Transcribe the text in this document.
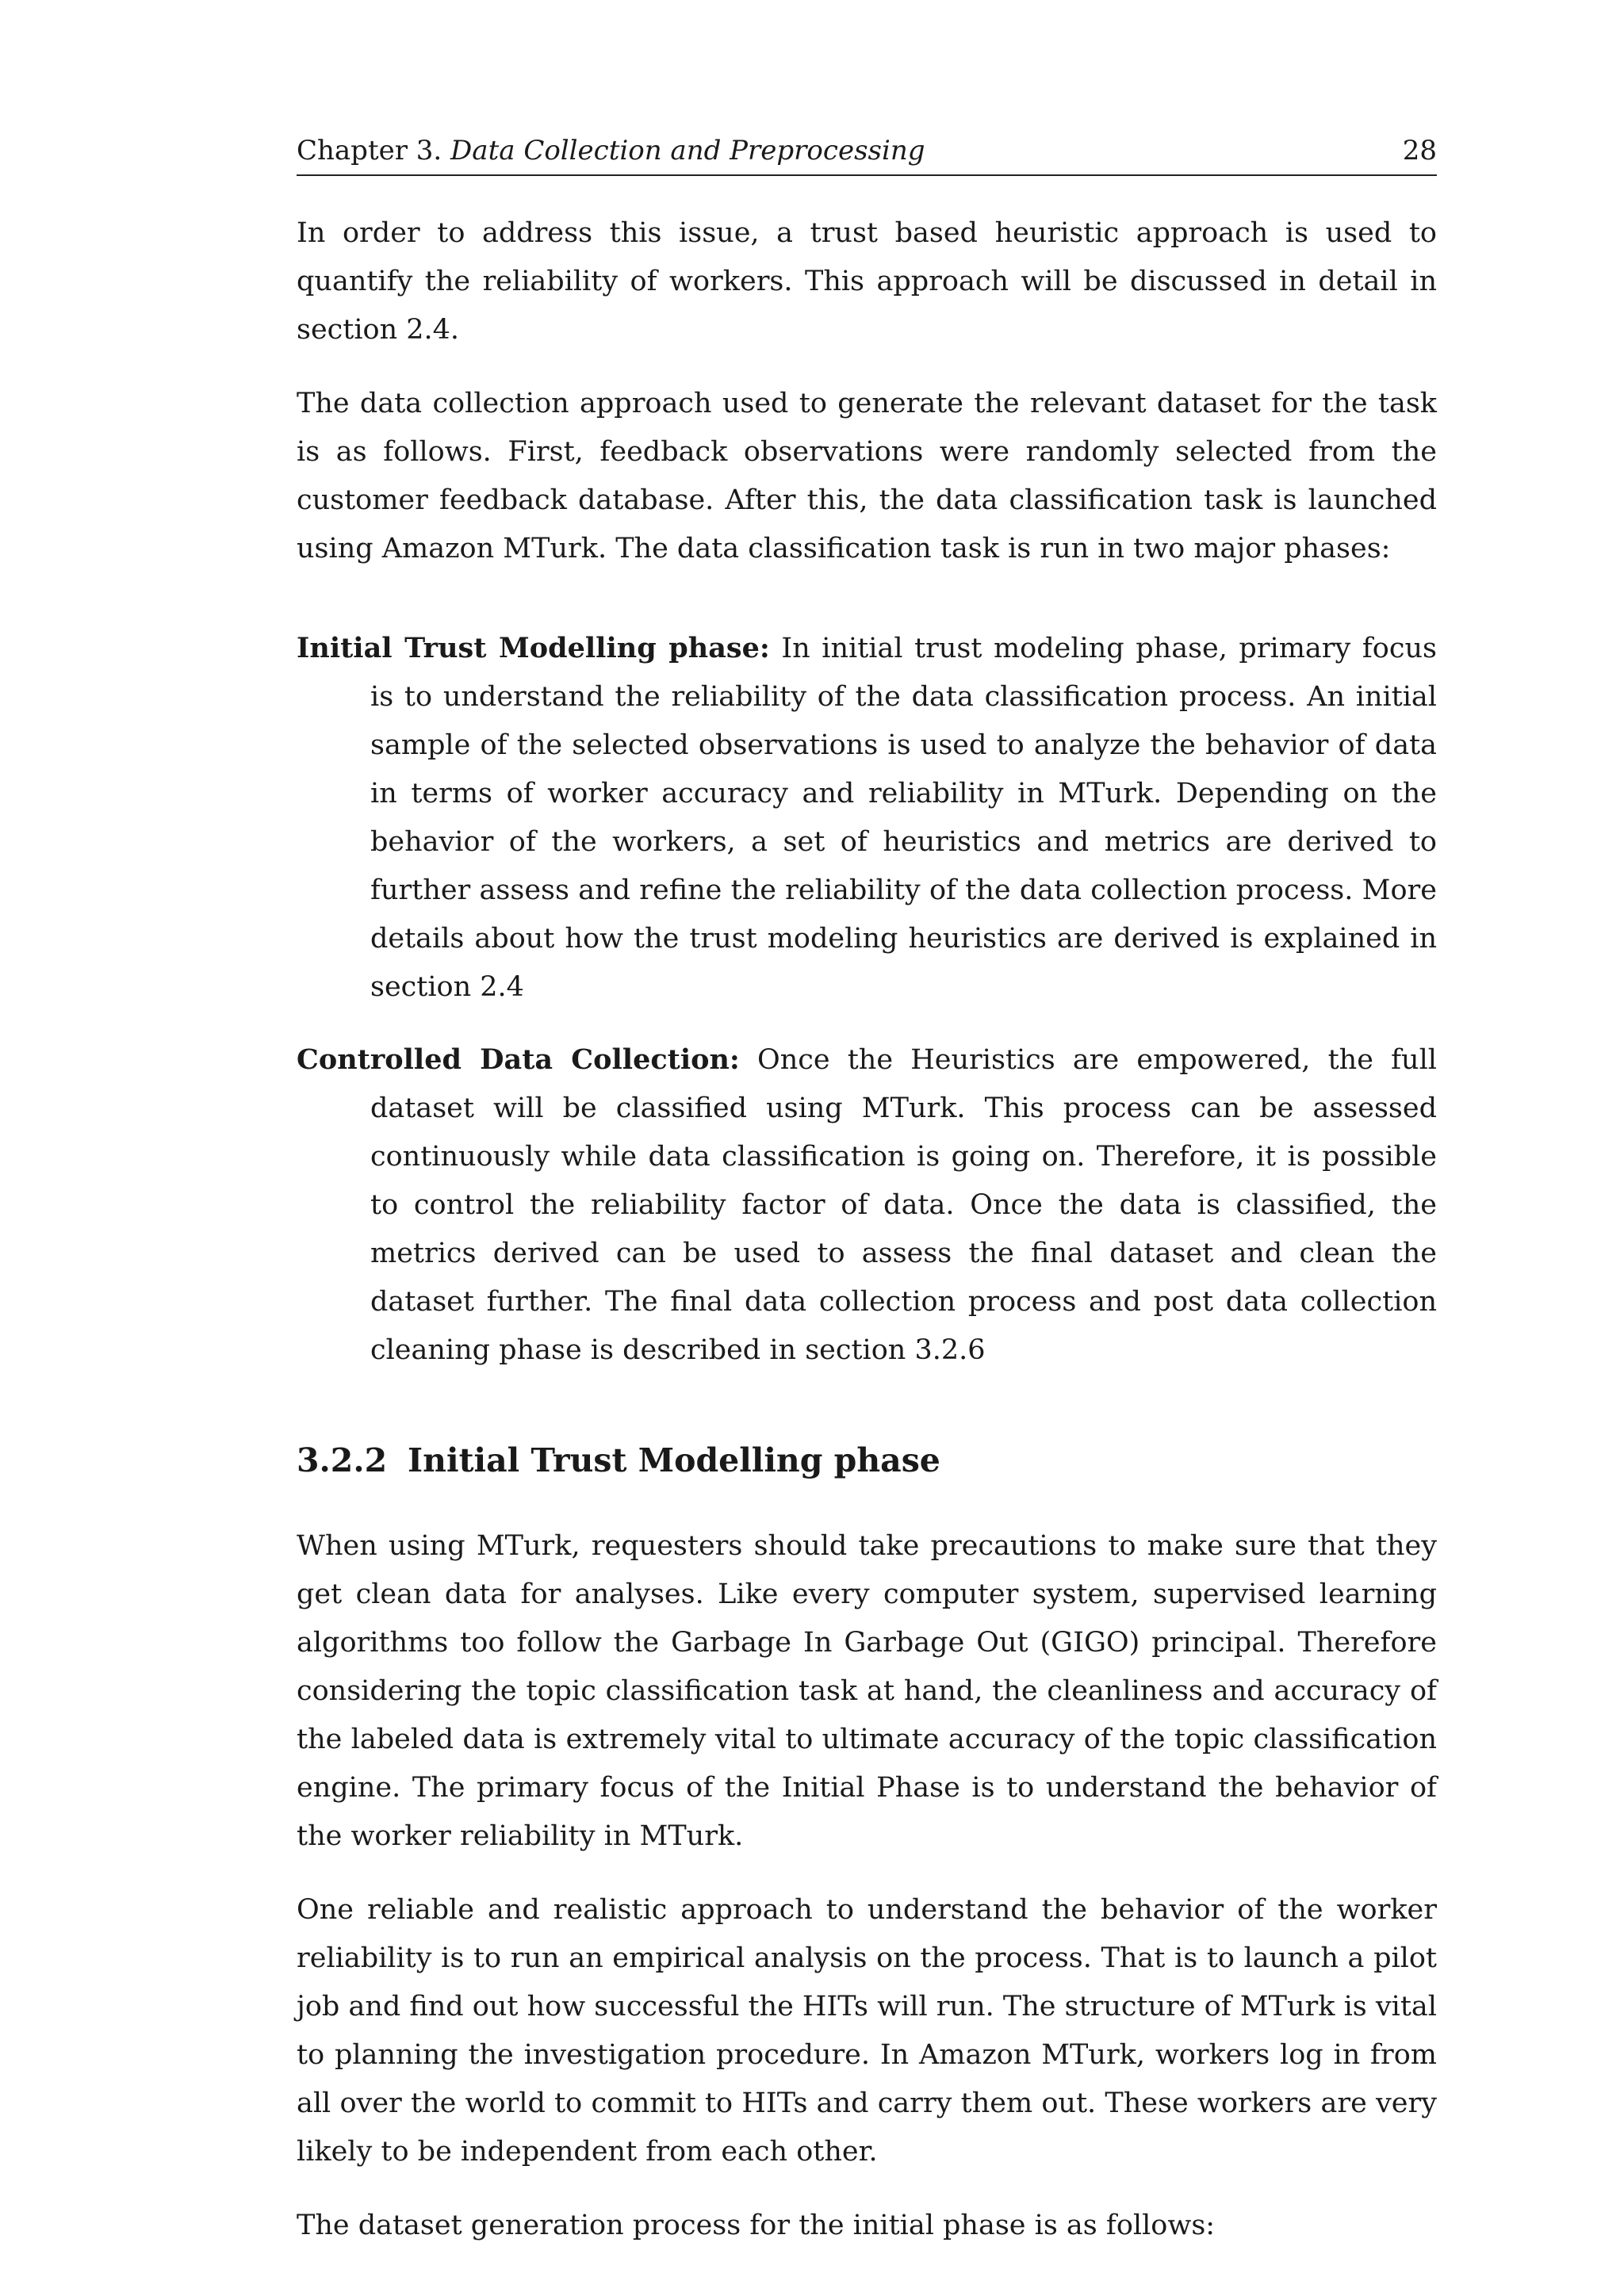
Chapter 3. Data Collection and Preprocessing	28

In order to address this issue, a trust based heuristic approach is used to quantify the reliability of workers. This approach will be discussed in detail in section 2.4.

The data collection approach used to generate the relevant dataset for the task is as follows. First, feedback observations were randomly selected from the customer feedback database. After this, the data classification task is launched using Amazon MTurk. The data classification task is run in two major phases:

Initial Trust Modelling phase: In initial trust modeling phase, primary focus is to understand the reliability of the data classification process. An initial sample of the selected observations is used to analyze the behavior of data in terms of worker accuracy and reliability in MTurk. Depending on the behavior of the workers, a set of heuristics and metrics are derived to further assess and refine the reliability of the data collection process. More details about how the trust modeling heuristics are derived is explained in section 2.4

Controlled Data Collection: Once the Heuristics are empowered, the full dataset will be classified using MTurk. This process can be assessed continuously while data classification is going on. Therefore, it is possible to control the reliability factor of data. Once the data is classified, the metrics derived can be used to assess the final dataset and clean the dataset further. The final data collection process and post data collection cleaning phase is described in section 3.2.6

3.2.2 Initial Trust Modelling phase

When using MTurk, requesters should take precautions to make sure that they get clean data for analyses. Like every computer system, supervised learning algorithms too follow the Garbage In Garbage Out (GIGO) principal. Therefore considering the topic classification task at hand, the cleanliness and accuracy of the labeled data is extremely vital to ultimate accuracy of the topic classification engine. The primary focus of the Initial Phase is to understand the behavior of the worker reliability in MTurk.

One reliable and realistic approach to understand the behavior of the worker reliability is to run an empirical analysis on the process. That is to launch a pilot job and find out how successful the HITs will run. The structure of MTurk is vital to planning the investigation procedure. In Amazon MTurk, workers log in from all over the world to commit to HITs and carry them out. These workers are very likely to be independent from each other.

The dataset generation process for the initial phase is as follows:
